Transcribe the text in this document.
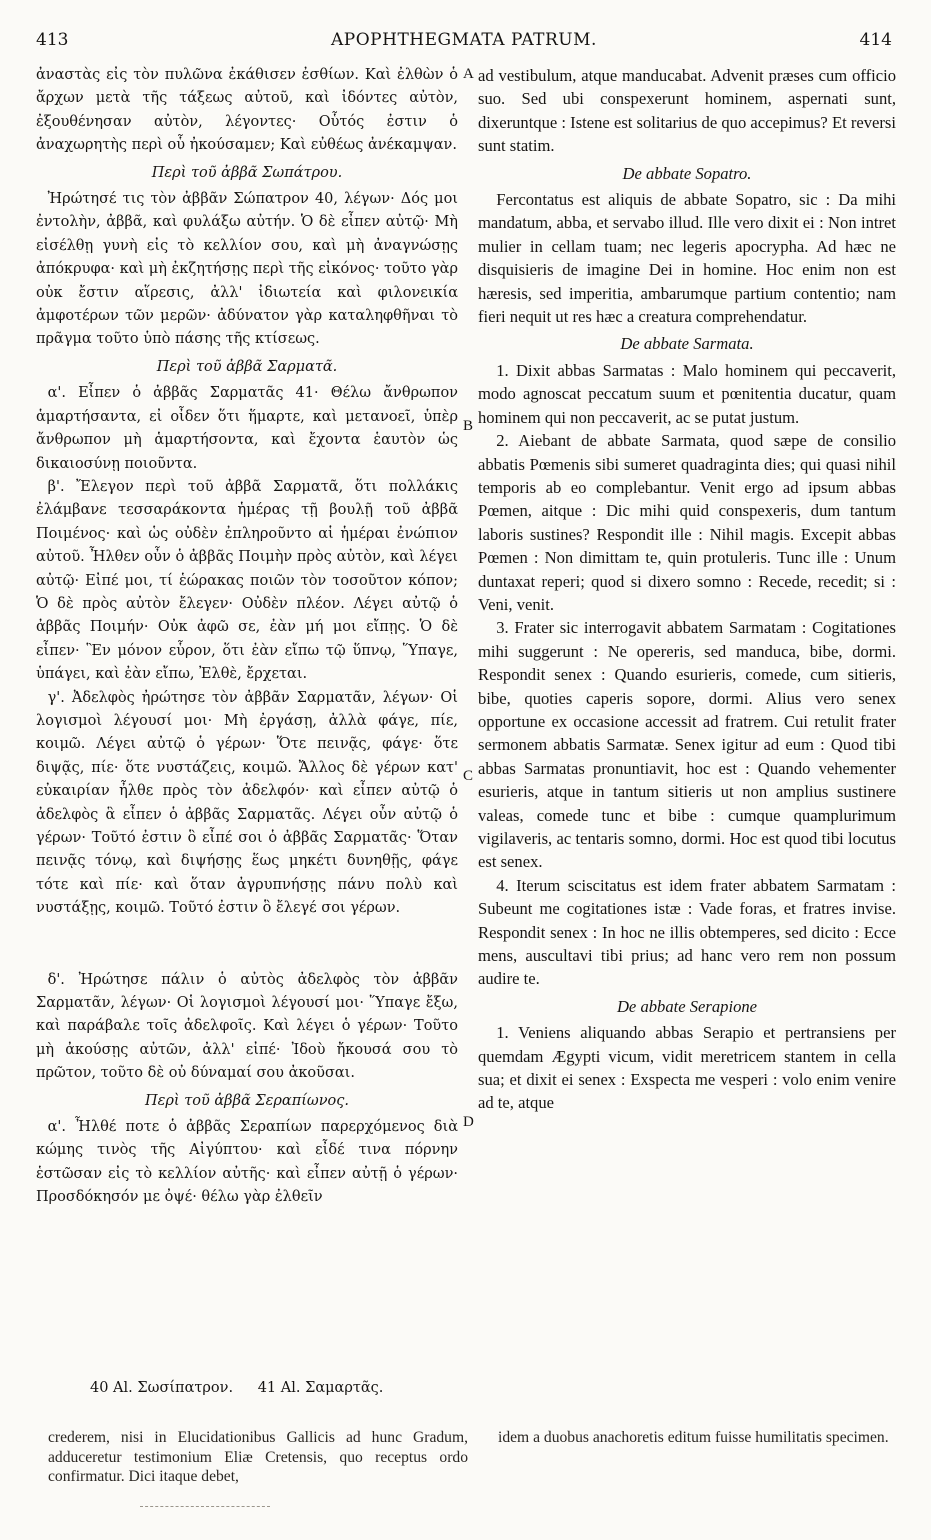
413	APOPHTHEGMATA PATRUM.	414

ἀναστὰς εἰς τὸν πυλῶνα ἐκάθισεν ἐσθίων. Καὶ ἐλθὼν ὁ ἄρχων μετὰ τῆς τάξεως αὐτοῦ, καὶ ἰδόντες αὐτὸν, ἐξουθένησαν αὐτὸν, λέγοντες· Οὗτός ἐστιν ὁ ἀναχωρητὴς περὶ οὗ ἠκούσαμεν; Καὶ εὐθέως ἀνέκαμψαν.

Περὶ τοῦ ἀββᾶ Σωπάτρου.

Ἠρώτησέ τις τὸν ἀββᾶν Σώπατρον 40, λέγων· Δός μοι ἐντολὴν, ἀββᾶ, καὶ φυλάξω αὐτήν. Ὁ δὲ εἶπεν αὐτῷ· Μὴ εἰσέλθῃ γυνὴ εἰς τὸ κελλίον σου, καὶ μὴ ἀναγνώσῃς ἀπόκρυφα· καὶ μὴ ἐκζητήσῃς περὶ τῆς εἰκόνος· τοῦτο γὰρ οὐκ ἔστιν αἵρεσις, ἀλλ' ἰδιωτεία καὶ φιλονεικία ἀμφοτέρων τῶν μερῶν· ἀδύνατον γὰρ καταληφθῆναι τὸ πρᾶγμα τοῦτο ὑπὸ πάσης τῆς κτίσεως.

Περὶ τοῦ ἀββᾶ Σαρματᾶ.

α'. Εἶπεν ὁ ἀββᾶς Σαρματᾶς 41· Θέλω ἄνθρωπον ἁμαρτήσαντα, εἰ οἶδεν ὅτι ἥμαρτε, καὶ μετανοεῖ, ὑπὲρ ἄνθρωπον μὴ ἁμαρτήσοντα, καὶ ἔχοντα ἑαυτὸν ὡς δικαιοσύνῃ ποιοῦντα.

β'. Ἔλεγον περὶ τοῦ ἀββᾶ Σαρματᾶ, ὅτι πολλάκις ἐλάμβανε τεσσαράκοντα ἡμέρας τῇ βουλῇ τοῦ ἀββᾶ Ποιμένος· καὶ ὡς οὐδὲν ἐπληροῦντο αἱ ἡμέραι ἐνώπιον αὐτοῦ. Ἦλθεν οὖν ὁ ἀββᾶς Ποιμὴν πρὸς αὐτὸν, καὶ λέγει αὐτῷ· Εἰπέ μοι, τί ἑώρακας ποιῶν τὸν τοσοῦτον κόπον; Ὁ δὲ πρὸς αὐτὸν ἔλεγεν· Οὐδὲν πλέον. Λέγει αὐτῷ ὁ ἀββᾶς Ποιμήν· Οὐκ ἀφῶ σε, ἐὰν μή μοι εἴπῃς. Ὁ δὲ εἶπεν· Ἓν μόνον εὗρον, ὅτι ἐὰν εἴπω τῷ ὕπνῳ, Ὕπαγε, ὑπάγει, καὶ ἐὰν εἴπω, Ἐλθὲ, ἔρχεται.

γ'. Ἀδελφὸς ἠρώτησε τὸν ἀββᾶν Σαρματᾶν, λέγων· Οἱ λογισμοὶ λέγουσί μοι· Μὴ ἐργάσῃ, ἀλλὰ φάγε, πίε, κοιμῶ. Λέγει αὐτῷ ὁ γέρων· Ὅτε πεινᾷς, φάγε· ὅτε διψᾷς, πίε· ὅτε νυστάζεις, κοιμῶ. Ἄλλος δὲ γέρων κατ' εὐκαιρίαν ἦλθε πρὸς τὸν ἀδελφόν· καὶ εἶπεν αὐτῷ ὁ ἀδελφὸς ἃ εἶπεν ὁ ἀββᾶς Σαρματᾶς. Λέγει οὖν αὐτῷ ὁ γέρων· Τοῦτό ἐστιν ὃ εἶπέ σοι ὁ ἀββᾶς Σαρματᾶς· Ὅταν πεινᾷς τόνῳ, καὶ διψήσῃς ἕως μηκέτι δυνηθῇς, φάγε τότε καὶ πίε· καὶ ὅταν ἀγρυπνήσῃς πάνυ πολὺ καὶ νυστάξῃς, κοιμῶ. Τοῦτό ἐστιν ὃ ἔλεγέ σοι γέρων.

δ'. Ἠρώτησε πάλιν ὁ αὐτὸς ἀδελφὸς τὸν ἀββᾶν Σαρματᾶν, λέγων· Οἱ λογισμοὶ λέγουσί μοι· Ὕπαγε ἔξω, καὶ παράβαλε τοῖς ἀδελφοῖς. Καὶ λέγει ὁ γέρων· Τοῦτο μὴ ἀκούσῃς αὐτῶν, ἀλλ' εἰπέ· Ἰδοὺ ἤκουσά σου τὸ πρῶτον, τοῦτο δὲ οὐ δύναμαί σου ἀκοῦσαι.

Περὶ τοῦ ἀββᾶ Σεραπίωνος.

α'. Ἦλθέ ποτε ὁ ἀββᾶς Σεραπίων παρερχόμενος διὰ κώμης τινὸς τῆς Αἰγύπτου· καὶ εἶδέ τινα πόρνην ἑστῶσαν εἰς τὸ κελλίον αὐτῆς· καὶ εἶπεν αὐτῇ ὁ γέρων· Προσδόκησόν με ὀψέ· θέλω γὰρ ἐλθεῖν

ad vestibulum, atque manducabat. Advenit præses cum officio suo. Sed ubi conspexerunt hominem, aspernati sunt, dixeruntque : Istene est solitarius de quo accepimus? Et reversi sunt statim.

De abbate Sopatro.

Fercontatus est aliquis de abbate Sopatro, sic : Da mihi mandatum, abba, et servabo illud. Ille vero dixit ei : Non intret mulier in cellam tuam; nec legeris apocrypha. Ad hæc ne disquisieris de imagine Dei in homine. Hoc enim non est hæresis, sed imperitia, ambarumque partium contentio; nam fieri nequit ut res hæc a creatura comprehendatur.

De abbate Sarmata.

1. Dixit abbas Sarmatas : Malo hominem qui peccaverit, modo agnoscat peccatum suum et pœnitentia ducatur, quam hominem qui non peccaverit, ac se putat justum.

2. Aiebant de abbate Sarmata, quod sæpe de consilio abbatis Pœmenis sibi sumeret quadraginta dies; qui quasi nihil temporis ab eo complebantur. Venit ergo ad ipsum abbas Pœmen, aitque : Dic mihi quid conspexeris, dum tantum laboris sustines? Respondit ille : Nihil magis. Excepit abbas Pœmen : Non dimittam te, quin protuleris. Tunc ille : Unum duntaxat reperi; quod si dixero somno : Recede, recedit; si : Veni, venit.

3. Frater sic interrogavit abbatem Sarmatam : Cogitationes mihi suggerunt : Ne opereris, sed manduca, bibe, dormi. Respondit senex : Quando esurieris, comede, cum sitieris, bibe, quoties caperis sopore, dormi. Alius vero senex opportune ex occasione accessit ad fratrem. Cui retulit frater sermonem abbatis Sarmatæ. Senex igitur ad eum : Quod tibi abbas Sarmatas pronuntiavit, hoc est : Quando vehementer esurieris, atque in tantum sitieris ut non amplius sustinere valeas, comede tunc et bibe : cumque quamplurimum vigilaveris, ac tentaris somno, dormi. Hoc est quod tibi locutus est senex.

4. Iterum sciscitatus est idem frater abbatem Sarmatam : Subeunt me cogitationes istæ : Vade foras, et fratres invise. Respondit senex : In hoc ne illis obtemperes, sed dicito : Ecce mens, auscultavi tibi prius; ad hanc vero rem non possum audire te.

De abbate Serapione

1. Veniens aliquando abbas Serapio et pertransiens per quemdam Ægypti vicum, vidit meretricem stantem in cella sua; et dixit ei senex : Exspecta me vesperi : volo enim venire ad te, atque

A
B
C
D
40 Al. Σωσίπατρον. 41 Al. Σαμαρτᾶς.
crederem, nisi in Elucidationibus Gallicis ad hunc Gradum, adduceretur testimonium Eliæ Cretensis, quo receptus ordo confirmatur. Dici itaque debet,
idem a duobus anachoretis editum fuisse humilitatis specimen.
